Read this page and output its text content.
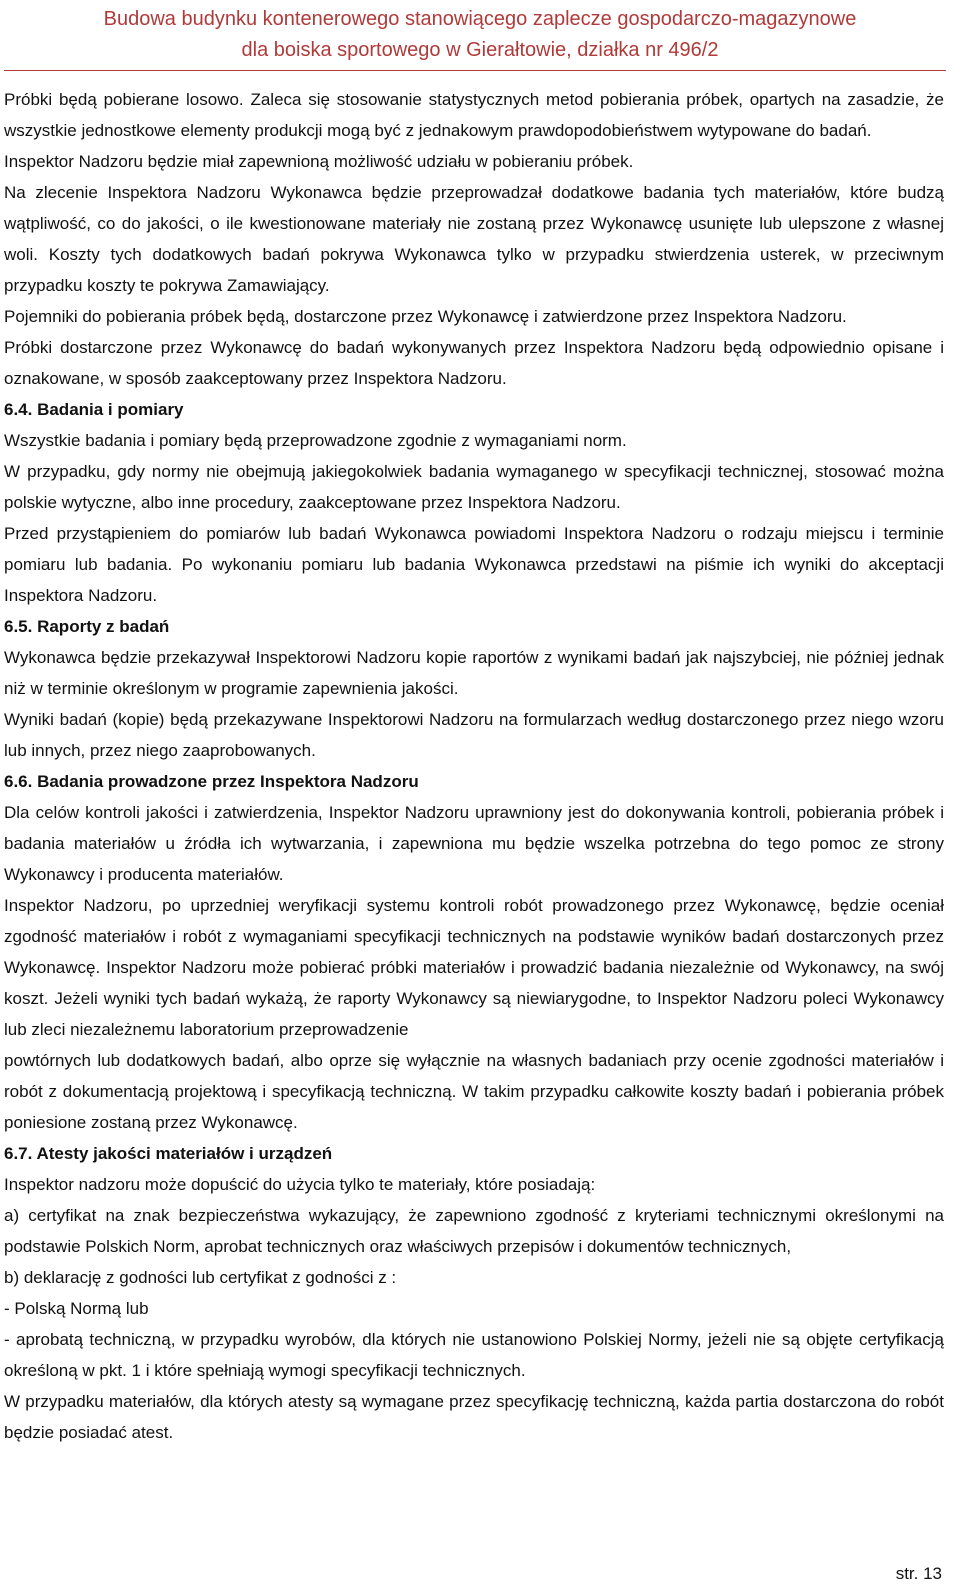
Budowa budynku kontenerowego stanowiącego zaplecze gospodarczo-magazynowe
dla boiska sportowego w Gierałtowie, działka nr 496/2

Próbki będą pobierane losowo. Zaleca się stosowanie statystycznych metod pobierania próbek, opartych na zasadzie, że wszystkie jednostkowe elementy produkcji mogą być z jednakowym prawdopodobieństwem wytypowane do badań.

Inspektor Nadzoru będzie miał zapewnioną możliwość udziału w pobieraniu próbek.

Na zlecenie Inspektora Nadzoru Wykonawca będzie przeprowadzał dodatkowe badania tych materiałów, które budzą wątpliwość, co do jakości, o ile kwestionowane materiały nie zostaną przez Wykonawcę usunięte lub ulepszone z własnej woli. Koszty tych dodatkowych badań pokrywa Wykonawca tylko w przypadku stwierdzenia usterek, w przeciwnym przypadku koszty te pokrywa Zamawiający.

Pojemniki do pobierania próbek będą, dostarczone przez Wykonawcę i zatwierdzone przez Inspektora Nadzoru.

Próbki dostarczone przez Wykonawcę do badań wykonywanych przez Inspektora Nadzoru będą odpowiednio opisane i oznakowane, w sposób zaakceptowany przez Inspektora Nadzoru.

6.4. Badania i pomiary

Wszystkie badania i pomiary będą przeprowadzone zgodnie z wymaganiami norm.

W przypadku, gdy normy nie obejmują jakiegokolwiek badania wymaganego w specyfikacji technicznej, stosować można polskie wytyczne, albo inne procedury, zaakceptowane przez Inspektora Nadzoru.

Przed przystąpieniem do pomiarów lub badań Wykonawca powiadomi Inspektora Nadzoru o rodzaju miejscu i terminie pomiaru lub badania. Po wykonaniu pomiaru lub badania Wykonawca przedstawi na piśmie ich wyniki do akceptacji Inspektora Nadzoru.

6.5. Raporty z badań

Wykonawca będzie przekazywał Inspektorowi Nadzoru kopie raportów z wynikami badań jak najszybciej, nie później jednak niż w terminie określonym w programie zapewnienia jakości.

Wyniki badań (kopie) będą przekazywane Inspektorowi Nadzoru na formularzach według dostarczonego przez niego wzoru lub innych, przez niego zaaprobowanych.

6.6. Badania prowadzone przez Inspektora Nadzoru

Dla celów kontroli jakości i zatwierdzenia, Inspektor Nadzoru uprawniony jest do dokonywania kontroli, pobierania próbek i badania materiałów u źródła ich wytwarzania, i zapewniona mu będzie wszelka potrzebna do tego pomoc ze strony Wykonawcy i producenta materiałów.

Inspektor Nadzoru, po uprzedniej weryfikacji systemu kontroli robót prowadzonego przez Wykonawcę, będzie oceniał zgodność materiałów i robót z wymaganiami specyfikacji technicznych na podstawie wyników badań dostarczonych przez Wykonawcę. Inspektor Nadzoru może pobierać próbki materiałów i prowadzić badania niezależnie od Wykonawcy, na swój koszt. Jeżeli wyniki tych badań wykażą, że raporty Wykonawcy są niewiarygodne, to Inspektor Nadzoru poleci Wykonawcy lub zleci niezależnemu laboratorium przeprowadzenie

powtórnych lub dodatkowych badań, albo oprze się wyłącznie na własnych badaniach przy ocenie zgodności materiałów i robót z dokumentacją projektową i specyfikacją techniczną. W takim przypadku całkowite koszty badań i pobierania próbek poniesione zostaną przez Wykonawcę.

6.7. Atesty jakości materiałów i urządzeń

Inspektor nadzoru może dopuścić do użycia tylko te materiały, które posiadają:

a) certyfikat na znak bezpieczeństwa wykazujący, że zapewniono zgodność z kryteriami technicznymi określonymi na podstawie Polskich Norm, aprobat technicznych oraz właściwych przepisów i dokumentów technicznych,

b) deklarację z godności lub certyfikat z godności z :

- Polską Normą lub

- aprobatą techniczną, w przypadku wyrobów, dla których nie ustanowiono Polskiej Normy, jeżeli nie są objęte certyfikacją określoną w pkt. 1 i które spełniają wymogi specyfikacji technicznych.

W przypadku materiałów, dla których atesty są wymagane przez specyfikację techniczną, każda partia dostarczona do robót będzie posiadać atest.

str. 13
